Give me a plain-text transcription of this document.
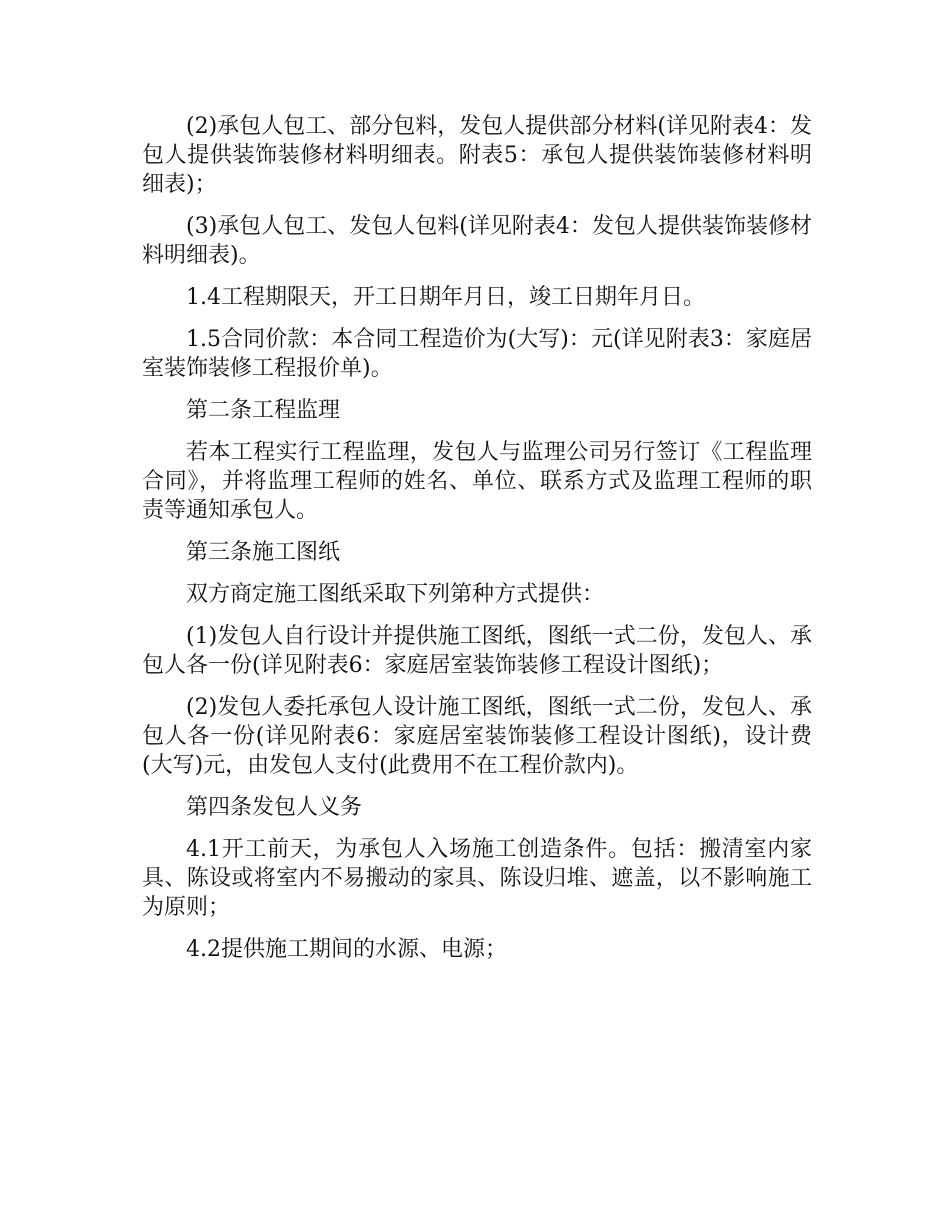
(2)承包人包工、部分包料，发包人提供部分材料(详见附表4：发包人提供装饰装修材料明细表。附表5：承包人提供装饰装修材料明细表)；

(3)承包人包工、发包人包料(详见附表4：发包人提供装饰装修材料明细表)。

1.4工程期限天，开工日期年月日，竣工日期年月日。

1.5合同价款：本合同工程造价为(大写)：元(详见附表3：家庭居室装饰装修工程报价单)。

第二条工程监理

若本工程实行工程监理，发包人与监理公司另行签订《工程监理合同》，并将监理工程师的姓名、单位、联系方式及监理工程师的职责等通知承包人。

第三条施工图纸

双方商定施工图纸采取下列第种方式提供：

(1)发包人自行设计并提供施工图纸，图纸一式二份，发包人、承包人各一份(详见附表6：家庭居室装饰装修工程设计图纸)；

(2)发包人委托承包人设计施工图纸，图纸一式二份，发包人、承包人各一份(详见附表6：家庭居室装饰装修工程设计图纸)，设计费(大写)元，由发包人支付(此费用不在工程价款内)。

第四条发包人义务

4.1开工前天，为承包人入场施工创造条件。包括：搬清室内家具、陈设或将室内不易搬动的家具、陈设归堆、遮盖，以不影响施工为原则；

4.2提供施工期间的水源、电源；
